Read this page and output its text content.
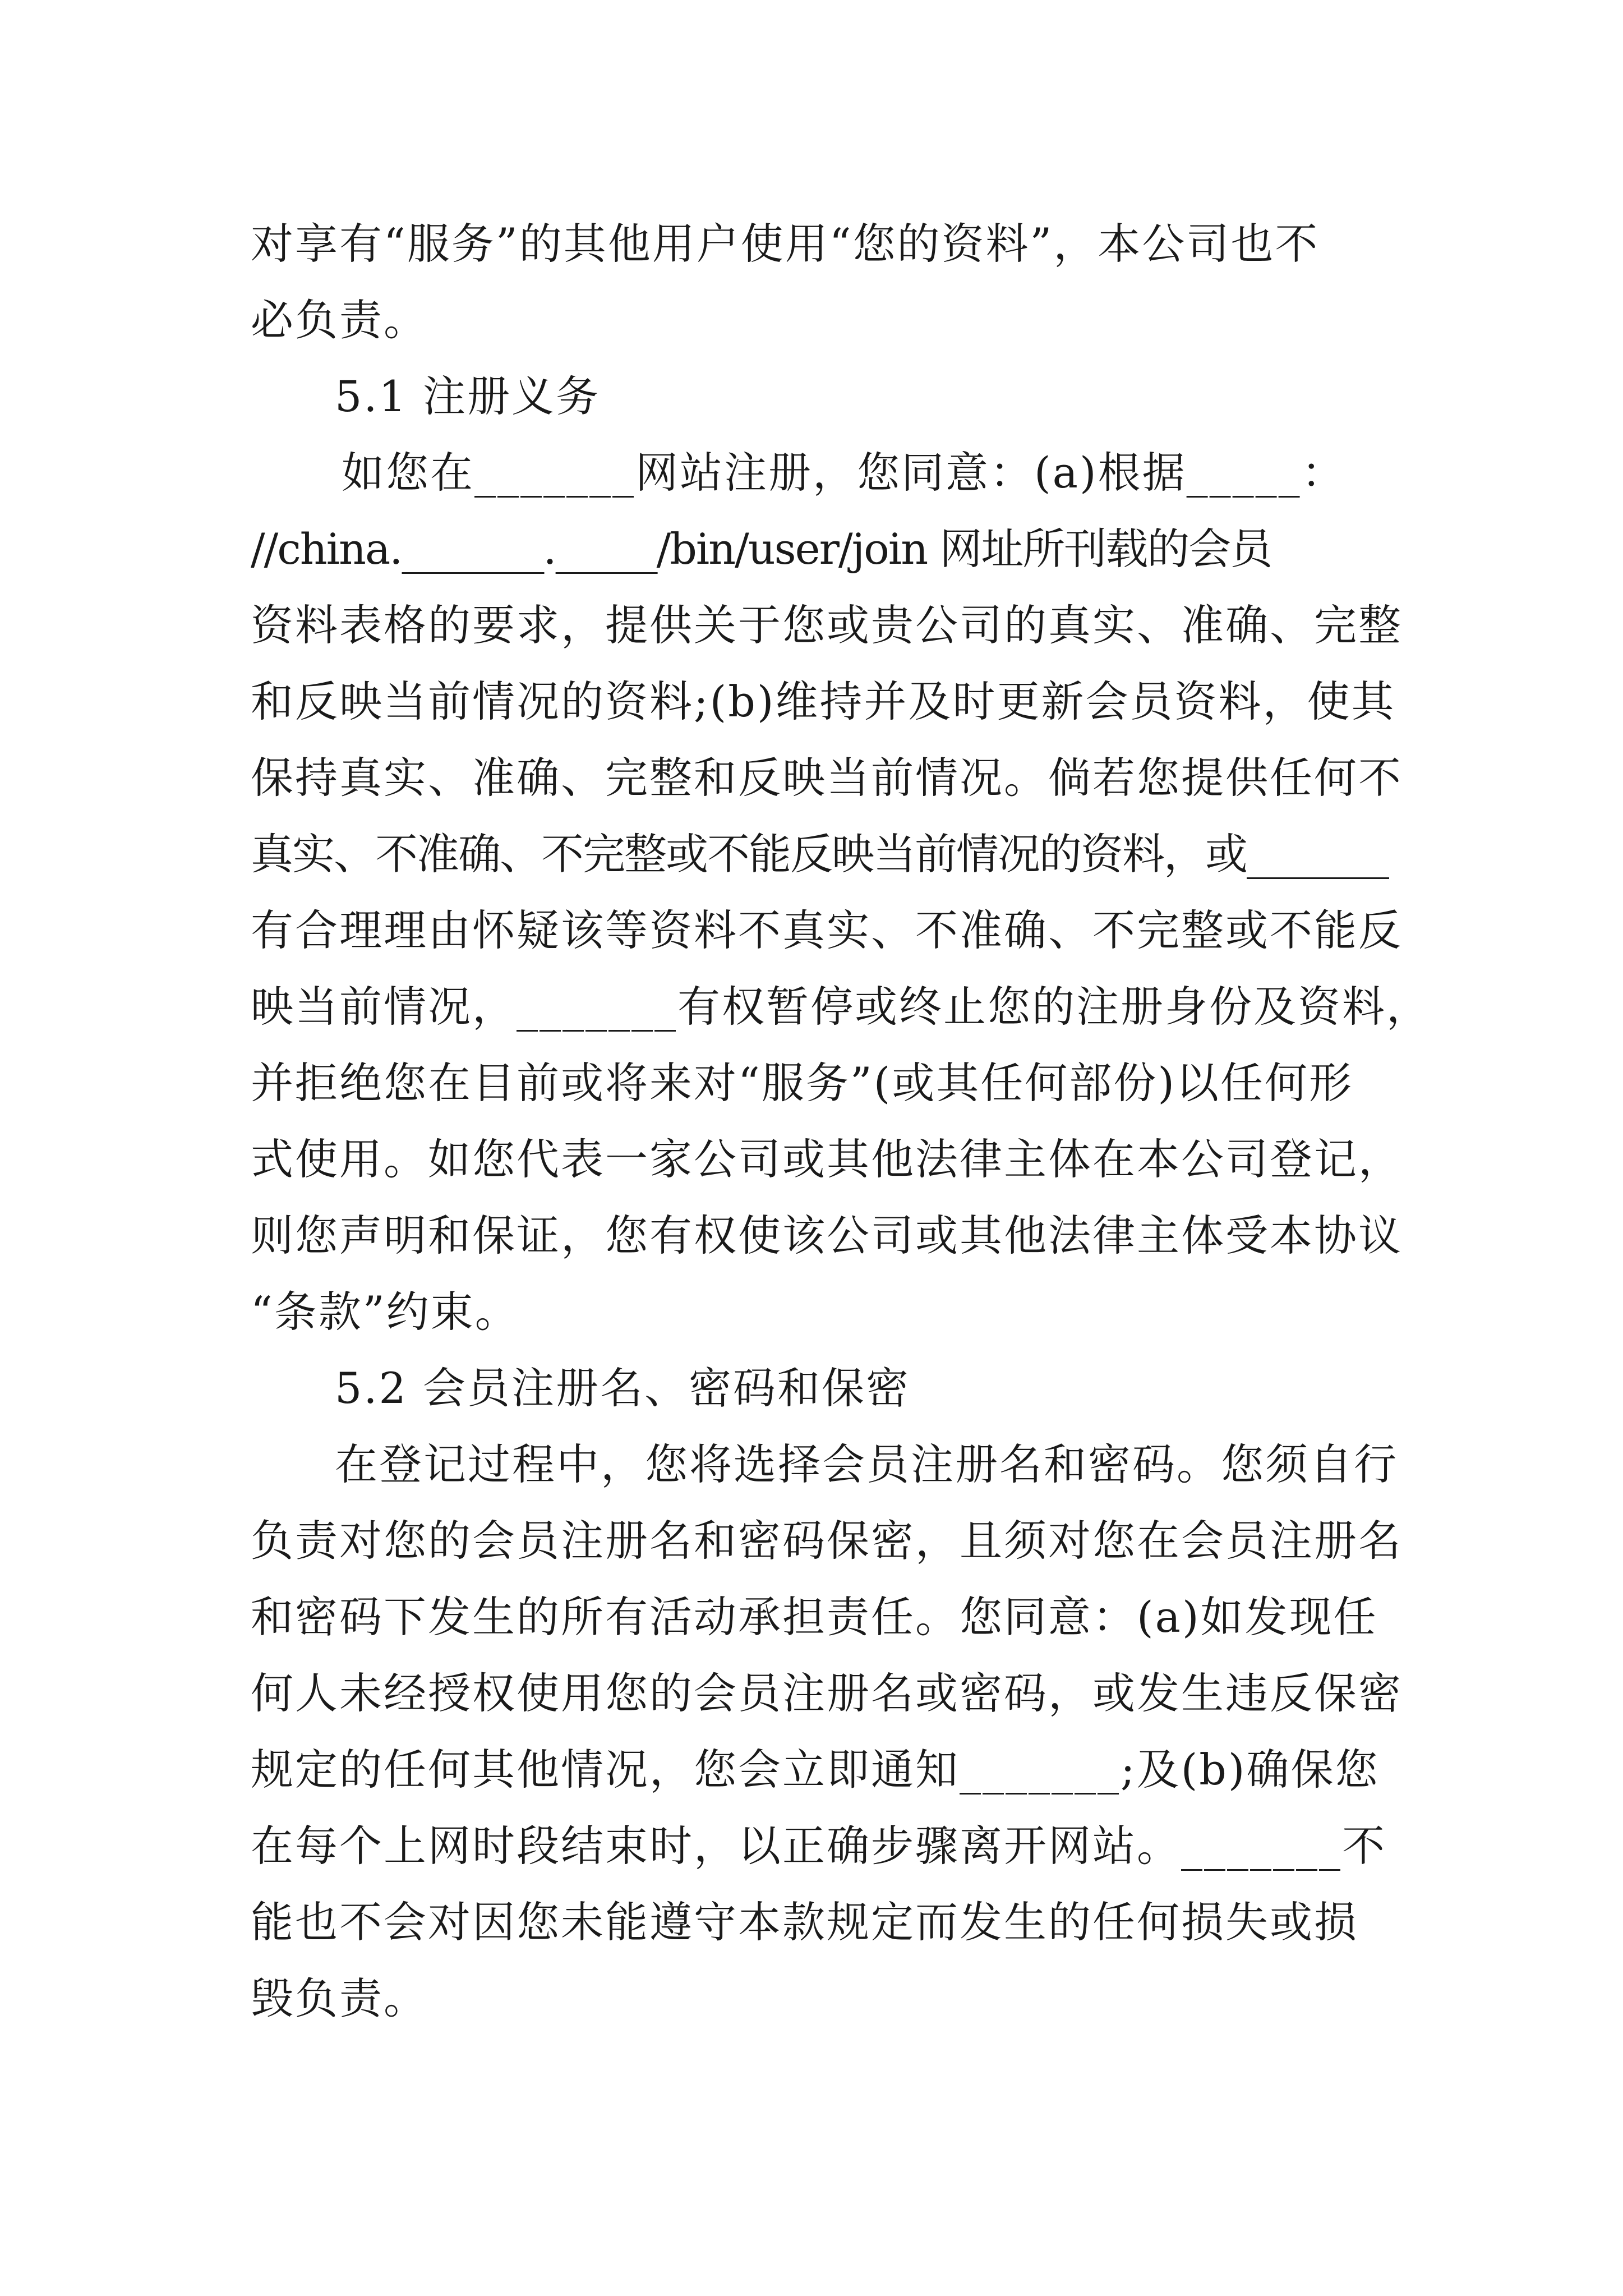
对享有“服务”的其他用户使用“您的资料”，本公司也不
必负责。
5.1 注册义务
如您在_______网站注册，您同意：(a)根据_____：
//china._______._____/bin/user/join 网址所刊载的会员
资料表格的要求，提供关于您或贵公司的真实、准确、完整
和反映当前情况的资料;(b)维持并及时更新会员资料，使其
保持真实、准确、完整和反映当前情况。倘若您提供任何不
真实、不准确、不完整或不能反映当前情况的资料，或_______
有合理理由怀疑该等资料不真实、不准确、不完整或不能反
映当前情况，_______有权暂停或终止您的注册身份及资料，
并拒绝您在目前或将来对“服务”(或其任何部份)以任何形
式使用。如您代表一家公司或其他法律主体在本公司登记，
则您声明和保证，您有权使该公司或其他法律主体受本协议
“条款”约束。
5.2 会员注册名、密码和保密
在登记过程中，您将选择会员注册名和密码。您须自行
负责对您的会员注册名和密码保密，且须对您在会员注册名
和密码下发生的所有活动承担责任。您同意：(a)如发现任
何人未经授权使用您的会员注册名或密码，或发生违反保密
规定的任何其他情况，您会立即通知_______;及(b)确保您
在每个上网时段结束时，以正确步骤离开网站。_______不
能也不会对因您未能遵守本款规定而发生的任何损失或损
毁负责。
